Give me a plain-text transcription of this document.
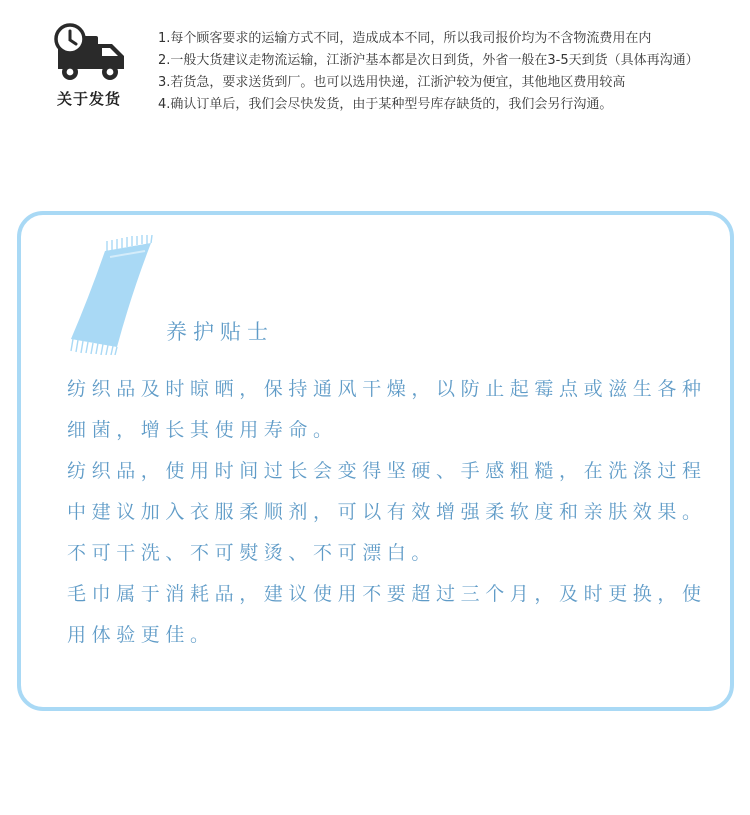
关于发货
1.每个顾客要求的运输方式不同，造成成本不同，所以我司报价均为不含物流费用在内
2.一般大货建议走物流运输，江浙沪基本都是次日到货，外省一般在3-5天到货（具体再沟通）
3.若货急，要求送货到厂。也可以选用快递，江浙沪较为便宜，其他地区费用较高
4.确认订单后，我们会尽快发货，由于某种型号库存缺货的，我们会另行沟通。
养护贴士

纺织品及时晾晒，保持通风干燥，以防止起霉点或滋生各种细菌，增长其使用寿命。

纺织品，使用时间过长会变得坚硬、手感粗糙，在洗涤过程中建议加入衣服柔顺剂，可以有效增强柔软度和亲肤效果。

不可干洗、不可熨烫、不可漂白。

毛巾属于消耗品，建议使用不要超过三个月，及时更换，使用体验更佳。
